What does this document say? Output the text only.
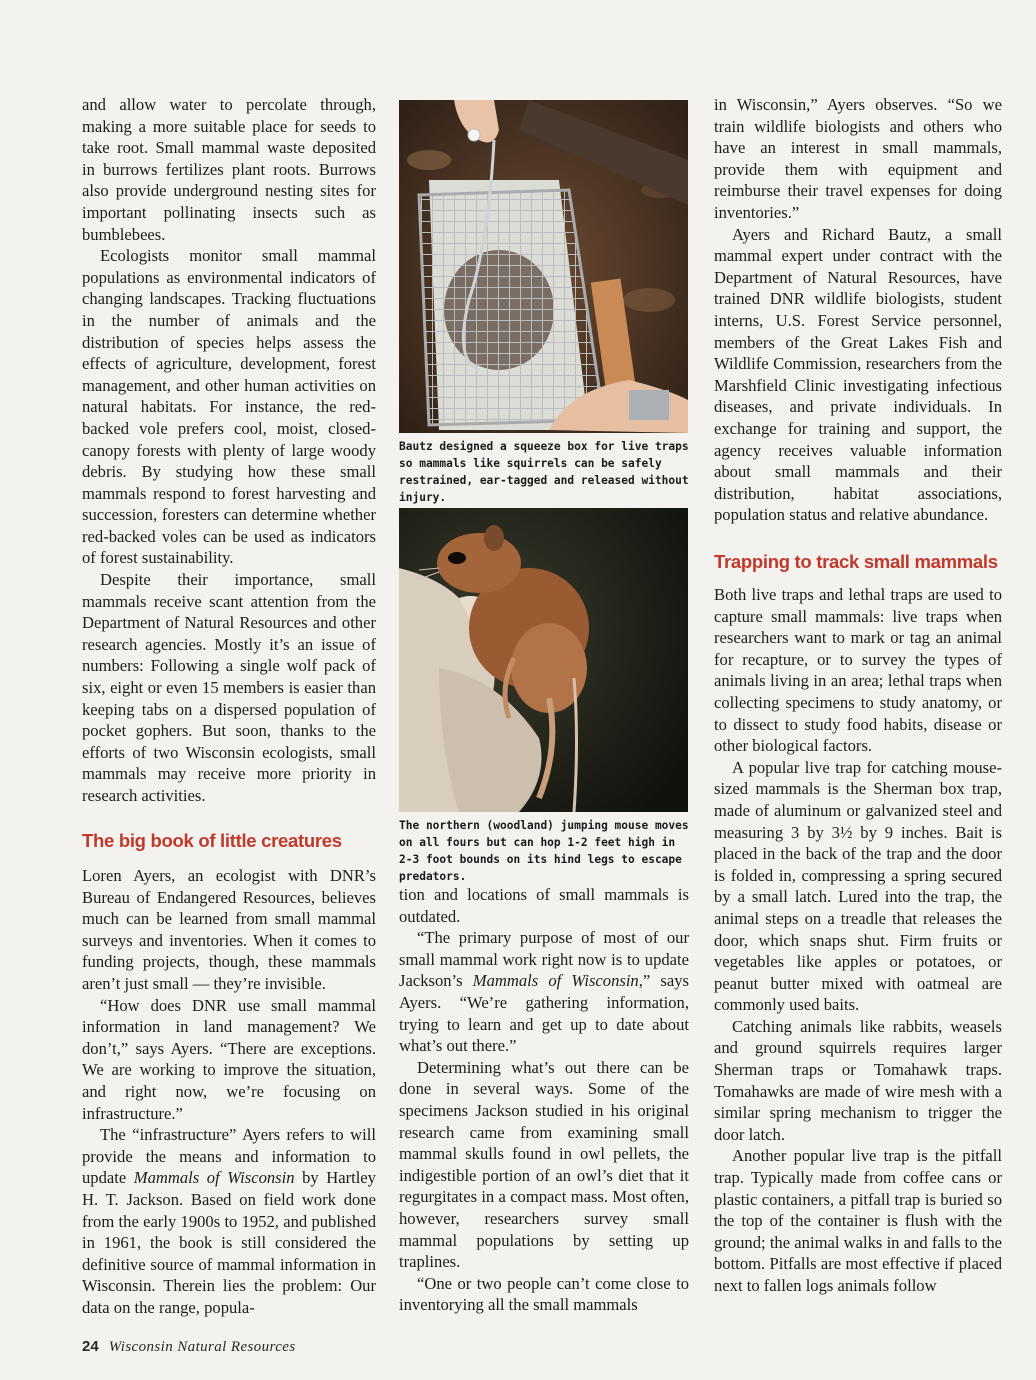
and allow water to percolate through, making a more suitable place for seeds to take root. Small mammal waste deposited in burrows fertilizes plant roots. Burrows also provide underground nesting sites for important pollinating insects such as bumblebees.

Ecologists monitor small mammal populations as environmental indicators of changing landscapes. Tracking fluctuations in the number of animals and the distribution of species helps assess the effects of agriculture, development, forest management, and other human activities on natural habitats. For instance, the red-backed vole prefers cool, moist, closed-canopy forests with plenty of large woody debris. By studying how these small mammals respond to forest harvesting and succession, foresters can determine whether red-backed voles can be used as indicators of forest sustainability.

Despite their importance, small mammals receive scant attention from the Department of Natural Resources and other research agencies. Mostly it’s an issue of numbers: Following a single wolf pack of six, eight or even 15 members is easier than keeping tabs on a dispersed population of pocket gophers. But soon, thanks to the efforts of two Wisconsin ecologists, small mammals may receive more priority in research activities.

The big book of little creatures

Loren Ayers, an ecologist with DNR’s Bureau of Endangered Resources, believes much can be learned from small mammal surveys and inventories. When it comes to funding projects, though, these mammals aren’t just small — they’re invisible.

“How does DNR use small mammal information in land management? We don’t,” says Ayers. “There are exceptions. We are working to improve the situation, and right now, we’re focusing on infrastructure.”

The “infrastructure” Ayers refers to will provide the means and information to update Mammals of Wisconsin by Hartley H. T. Jackson. Based on field work done from the early 1900s to 1952, and published in 1961, the book is still considered the definitive source of mammal information in Wisconsin. Therein lies the problem: Our data on the range, popula-

RICHARD BAUTZ

Bautz designed a squeeze box for live traps so mammals like squirrels can be safely restrained, ear-tagged and released without injury.

RICHARD BAUTZ

The northern (woodland) jumping mouse moves on all fours but can hop 1-2 feet high in 2-3 foot bounds on its hind legs to escape predators.

tion and locations of small mammals is outdated.

“The primary purpose of most of our small mammal work right now is to update Jackson’s Mammals of Wisconsin,” says Ayers. “We’re gathering information, trying to learn and get up to date about what’s out there.”

Determining what’s out there can be done in several ways. Some of the specimens Jackson studied in his original research came from examining small mammal skulls found in owl pellets, the indigestible portion of an owl’s diet that it regurgitates in a compact mass. Most often, however, researchers survey small mammal populations by setting up traplines.

“One or two people can’t come close to inventorying all the small mammals

in Wisconsin,” Ayers observes. “So we train wildlife biologists and others who have an interest in small mammals, provide them with equipment and reimburse their travel expenses for doing inventories.”

Ayers and Richard Bautz, a small mammal expert under contract with the Department of Natural Resources, have trained DNR wildlife biologists, student interns, U.S. Forest Service personnel, members of the Great Lakes Fish and Wildlife Commission, researchers from the Marshfield Clinic investigating infectious diseases, and private individuals. In exchange for training and support, the agency receives valuable information about small mammals and their distribution, habitat associations, population status and relative abundance.

Trapping to track small mammals

Both live traps and lethal traps are used to capture small mammals: live traps when researchers want to mark or tag an animal for recapture, or to survey the types of animals living in an area; lethal traps when collecting specimens to study anatomy, or to dissect to study food habits, disease or other biological factors.

A popular live trap for catching mouse-sized mammals is the Sherman box trap, made of aluminum or galvanized steel and measuring 3 by 3½ by 9 inches. Bait is placed in the back of the trap and the door is folded in, compressing a spring secured by a small latch. Lured into the trap, the animal steps on a treadle that releases the door, which snaps shut. Firm fruits or vegetables like apples or potatoes, or peanut butter mixed with oatmeal are commonly used baits.

Catching animals like rabbits, weasels and ground squirrels requires larger Sherman traps or Tomahawk traps. Tomahawks are made of wire mesh with a similar spring mechanism to trigger the door latch.

Another popular live trap is the pitfall trap. Typically made from coffee cans or plastic containers, a pitfall trap is buried so the top of the container is flush with the ground; the animal walks in and falls to the bottom. Pitfalls are most effective if placed next to fallen logs animals follow

24 Wisconsin Natural Resources
